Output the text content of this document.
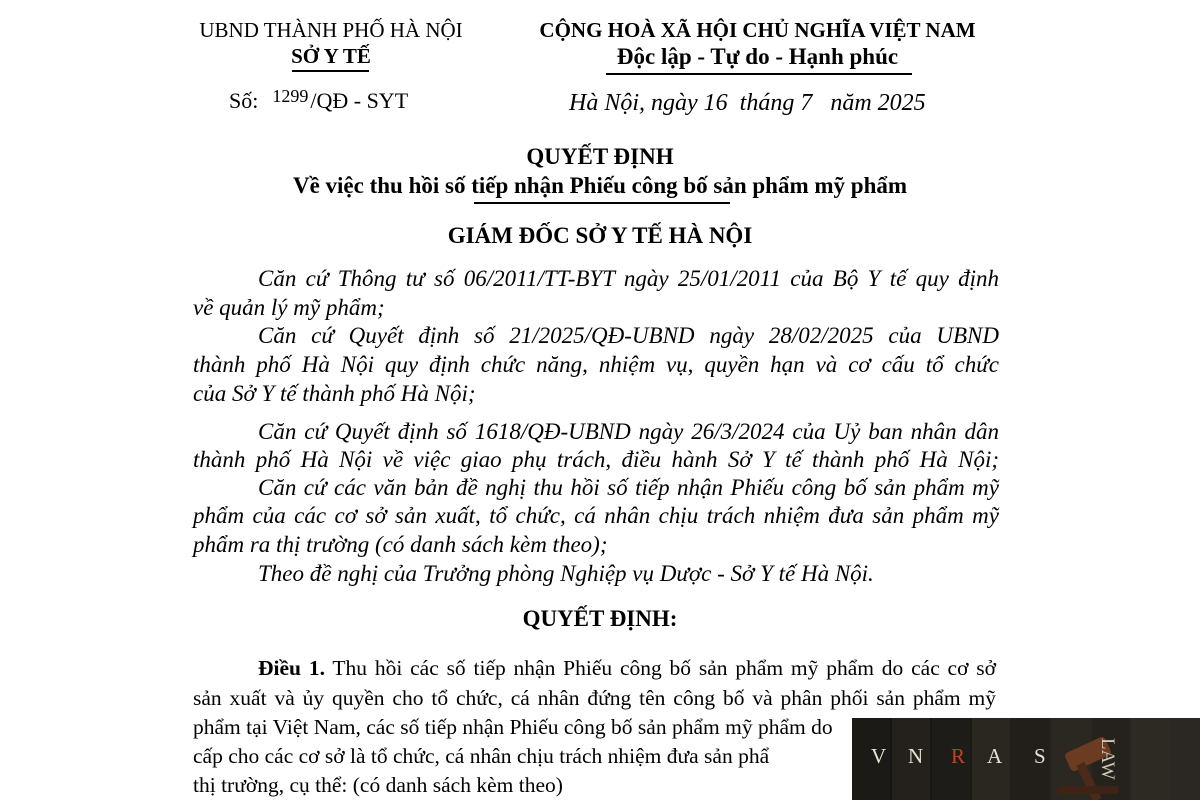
UBND THÀNH PHỐ HÀ NỘI
SỞ Y TẾ
Số: $^{1299}$/QĐ - SYT
CỘNG HOÀ XÃ HỘI CHỦ NGHĨA VIỆT NAM
Độc lập - Tự do - Hạnh phúc
Hà Nội, ngày 16  tháng 7   năm 2025
QUYẾT ĐỊNH
Về việc thu hồi số tiếp nhận Phiếu công bố sản phẩm mỹ phẩm
GIÁM ĐỐC SỞ Y TẾ HÀ NỘI
Căn cứ Thông tư số 06/2011/TT-BYT ngày 25/01/2011 của Bộ Y tế quy định
về quản lý mỹ phẩm;
Căn cứ Quyết định số 21/2025/QĐ-UBND ngày 28/02/2025 của UBND
thành phố Hà Nội quy định chức năng, nhiệm vụ, quyền hạn và cơ cấu tổ chức
của Sở Y tế thành phố Hà Nội;
Căn cứ Quyết định số 1618/QĐ-UBND ngày 26/3/2024 của Uỷ ban nhân dân
thành phố Hà Nội về việc giao phụ trách, điều hành Sở Y tế thành phố Hà Nội;
Căn cứ các văn bản đề nghị thu hồi số tiếp nhận Phiếu công bố sản phẩm mỹ
phẩm của các cơ sở sản xuất, tổ chức, cá nhân chịu trách nhiệm đưa sản phẩm mỹ
phẩm ra thị trường (có danh sách kèm theo);
Theo đề nghị của Trưởng phòng Nghiệp vụ Dược - Sở Y tế Hà Nội.
QUYẾT ĐỊNH:
Điều 1. Thu hồi các số tiếp nhận Phiếu công bố sản phẩm mỹ phẩm do các cơ sở
sản xuất và ủy quyền cho tổ chức, cá nhân đứng tên công bố và phân phối sản phẩm mỹ
phẩm tại Việt Nam, các số tiếp nhận Phiếu công bố sản phẩm mỹ phẩm do
cấp cho các cơ sở là tổ chức, cá nhân chịu trách nhiệm đưa sản phẩ
thị trường, cụ thể: (có danh sách kèm theo)
V N R A S	LAW
